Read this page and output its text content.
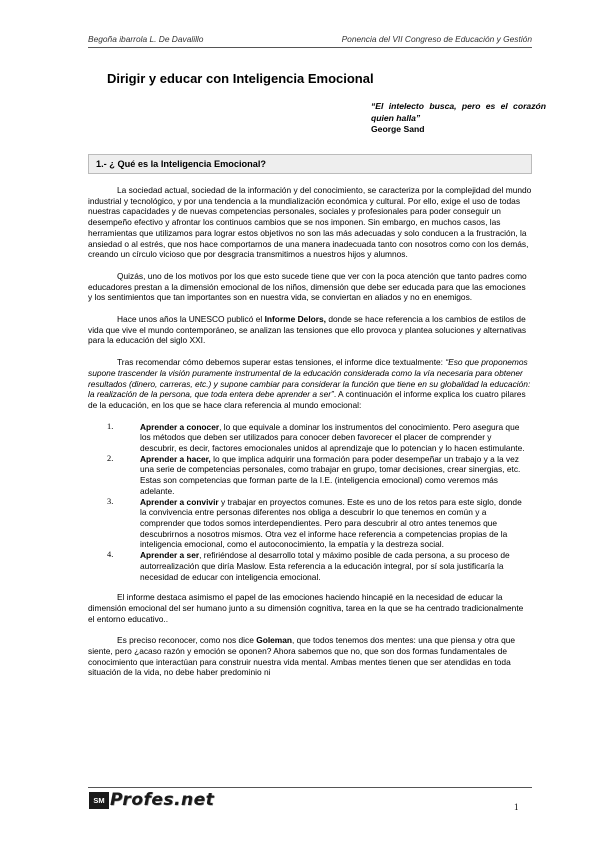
Begoña ibarrola L. De Davalillo	Ponencia del VII Congreso de Educación y Gestión
Dirigir y educar con Inteligencia Emocional
“El intelecto busca, pero es el corazón quien halla”
George Sand
1.- ¿ Qué es la Inteligencia Emocional?

La sociedad actual, sociedad de la información y del conocimiento, se caracteriza por la complejidad del mundo industrial y tecnológico, y por una tendencia a la mundialización económica y cultural. Por ello, exige el uso de todas nuestras capacidades y de nuevas competencias personales, sociales y profesionales para poder conseguir un desempeño efectivo y afrontar los continuos cambios que se nos imponen. Sin embargo, en muchos casos, las herramientas que utilizamos para lograr estos objetivos no son las más adecuadas y solo conducen a la frustración, la ansiedad o al estrés, que nos hace comportarnos de una manera inadecuada tanto con nosotros como con los demás, creando un círculo vicioso que por desgracia transmitimos a nuestros hijos y alumnos.

Quizás, uno de los motivos por los que esto sucede tiene que ver con la poca atención que tanto padres como educadores prestan a la dimensión emocional de los niños, dimensión que debe ser educada para que las emociones y los sentimientos que tan importantes son en nuestra vida, se conviertan en aliados y no en enemigos.

Hace unos años la UNESCO publicó el Informe Delors, donde se hace referencia a los cambios de estilos de vida que vive el mundo contemporáneo, se analizan las tensiones que ello provoca y plantea soluciones y alternativas para la educación del siglo XXI.

Tras recomendar cómo debemos superar estas tensiones, el informe dice textualmente: “Eso que proponemos supone trascender la visión puramente instrumental de la educación considerada como la vía necesaria para obtener resultados (dinero, carreras, etc.) y supone cambiar para considerar la función que tiene en su globalidad la educación: la realización de la persona, que toda entera debe aprender a ser”. A continuación el informe explica los cuatro pilares de la educación, en los que se hace clara referencia al mundo emocional:

1.	Aprender a conocer, lo que equivale a dominar los instrumentos del conocimiento. Pero asegura que los métodos que deben ser utilizados para conocer deben favorecer el placer de comprender y descubrir, es decir, factores emocionales unidos al aprendizaje que lo potencian y lo hacen estimulante.
2.	Aprender a hacer, lo que implica adquirir una formación para poder desempeñar un trabajo y a la vez una serie de competencias personales, como trabajar en grupo, tomar decisiones, crear sinergias, etc. Estas son competencias que forman parte de la I.E. (inteligencia emocional) como veremos más adelante.
3.	Aprender a convivir y trabajar en proyectos comunes. Este es uno de los retos para este siglo, donde la convivencia entre personas diferentes nos obliga a descubrir lo que tenemos en común y a comprender que todos somos interdependientes. Pero para descubrir al otro antes tenemos que descubrirnos a nosotros mismos. Otra vez el informe hace referencia a competencias propias de la inteligencia emocional, como el autoconocimiento, la empatía y la destreza social.
4.	Aprender a ser, refiriéndose al desarrollo total y máximo posible de cada persona, a su proceso de autorrealización que diría Maslow. Esta referencia a la educación integral, por sí sola justificaría la necesidad de educar con inteligencia emocional.

El informe destaca asimismo el papel de las emociones haciendo hincapié en la necesidad de educar la dimensión emocional del ser humano junto a su dimensión cognitiva, tarea en la que se ha centrado tradicionalmente el entorno educativo..

Es preciso reconocer, como nos dice Goleman, que todos tenemos dos mentes: una que piensa y otra que siente, pero ¿acaso razón y emoción se oponen? Ahora sabemos que no, que son dos formas fundamentales de conocimiento que interactúan para construir nuestra vida mental. Ambas mentes tienen que ser atendidas en toda situación de la vida, no debe haber predominio ni

SM Profes.net	1
